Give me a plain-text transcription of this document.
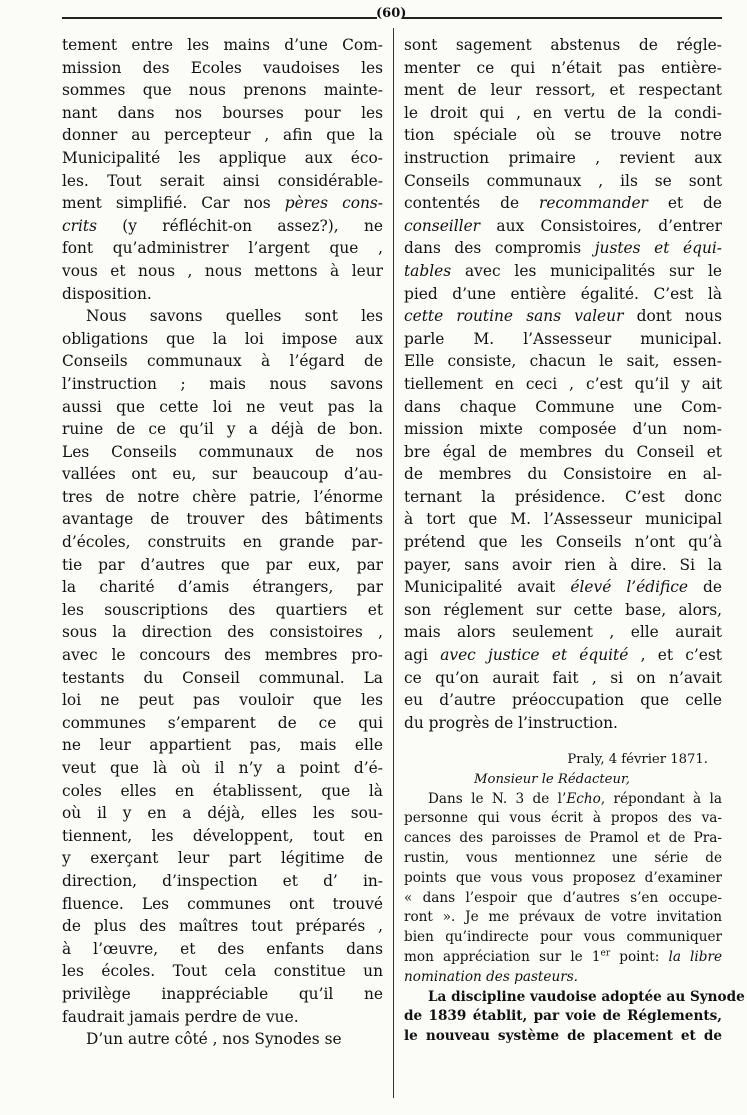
(60)
tement entre les mains d’une Com-
mission des Ecoles vaudoises les
sommes que nous prenons mainte-
nant dans nos bourses pour les
donner au percepteur , afin que la
Municipalité les applique aux éco-
les. Tout serait ainsi considérable-
ment simplifié. Car nos pères cons-
crits (y réfléchit-on assez?), ne
font qu’administrer l’argent que ,
vous et nous , nous mettons à leur
disposition.
Nous savons quelles sont les
obligations que la loi impose aux
Conseils communaux à l’égard de
l’instruction ; mais nous savons
aussi que cette loi ne veut pas la
ruine de ce qu’il y a déjà de bon.
Les Conseils communaux de nos
vallées ont eu, sur beaucoup d’au-
tres de notre chère patrie, l’énorme
avantage de trouver des bâtiments
d’écoles, construits en grande par-
tie par d’autres que par eux, par
la charité d’amis étrangers, par
les souscriptions des quartiers et
sous la direction des consistoires ,
avec le concours des membres pro-
testants du Conseil communal. La
loi ne peut pas vouloir que les
communes s’emparent de ce qui
ne leur appartient pas, mais elle
veut que là où il n’y a point d’é-
coles elles en établissent, que là
où il y en a déjà, elles les sou-
tiennent, les développent, tout en
y exerçant leur part légitime de
direction, d’inspection et d’ in-
fluence. Les communes ont trouvé
de plus des maîtres tout préparés ,
à l’œuvre, et des enfants dans
les écoles. Tout cela constitue un
privilège inappréciable qu’il ne
faudrait jamais perdre de vue.
D’un autre côté , nos Synodes se
sont sagement abstenus de régle-
menter ce qui n’était pas entière-
ment de leur ressort, et respectant
le droit qui , en vertu de la condi-
tion spéciale où se trouve notre
instruction primaire , revient aux
Conseils communaux , ils se sont
contentés de recommander et de
conseiller aux Consistoires, d’entrer
dans des compromis justes et équi-
tables avec les municipalités sur le
pied d’une entière égalité. C’est là
cette routine sans valeur dont nous
parle M. l’Assesseur municipal.
Elle consiste, chacun le sait, essen-
tiellement en ceci , c’est qu’il y ait
dans chaque Commune une Com-
mission mixte composée d’un nom-
bre égal de membres du Conseil et
de membres du Consistoire en al-
ternant la présidence. C’est donc
à tort que M. l’Assesseur municipal
prétend que les Conseils n’ont qu’à
payer, sans avoir rien à dire. Si la
Municipalité avait élevé l’édifice de
son réglement sur cette base, alors,
mais alors seulement , elle aurait
agi avec justice et équité , et c’est
ce qu’on aurait fait , si on n’avait
eu d’autre préoccupation que celle
du progrès de l’instruction.
Praly, 4 février 1871.
Monsieur le Rédacteur,
Dans le N. 3 de l’Echo, répondant à la
personne qui vous écrit à propos des va-
cances des paroisses de Pramol et de Pra-
rustin, vous mentionnez une série de
points que vous vous proposez d’examiner
« dans l’espoir que d’autres s’en occupe-
ront ». Je me prévaux de votre invitation
bien qu’indirecte pour vous communiquer
mon appréciation sur le 1er point: la libre
nomination des pasteurs.
La discipline vaudoise adoptée au Synode
de 1839 établit, par voie de Réglements,
le nouveau système de placement et de
